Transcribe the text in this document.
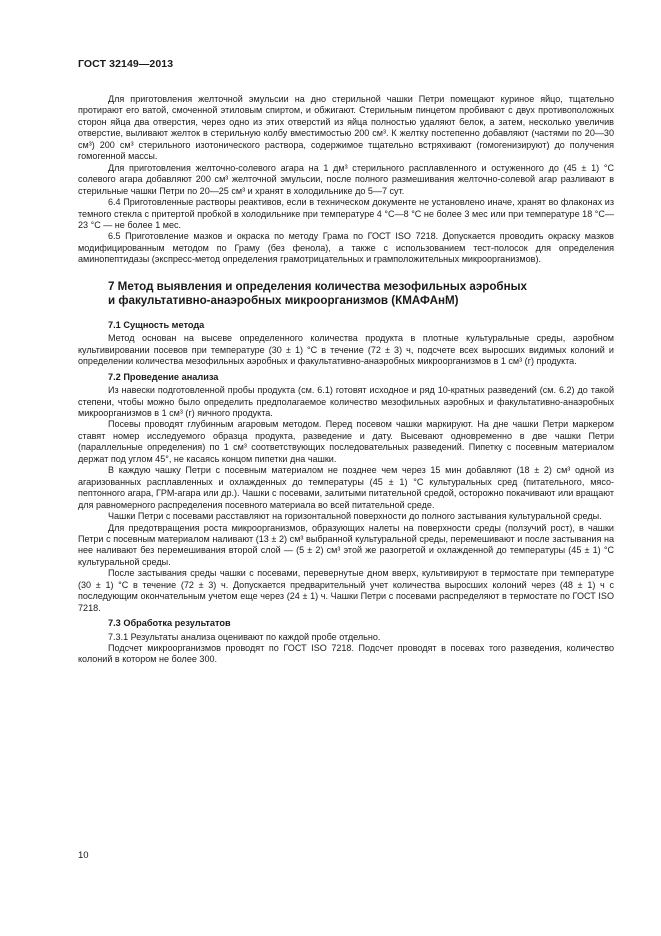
ГОСТ 32149—2013

Для приготовления желточной эмульсии на дно стерильной чашки Петри помещают куриное яйцо, тщательно протирают его ватой, смоченной этиловым спиртом, и обжигают. Стерильным пинцетом пробивают с двух противоположных сторон яйца два отверстия, через одно из этих отверстий из яйца полностью удаляют белок, а затем, несколько увеличив отверстие, выливают желток в стерильную колбу вместимостью 200 см³. К желтку постепенно добавляют (частями по 20—30 см³) 200 см³ стерильного изотонического раствора, содержимое тщательно встряхивают (гомогенизируют) до получения гомогенной массы.

Для приготовления желточно-солевого агара на 1 дм³ стерильного расплавленного и остуженного до (45 ± 1) °С солевого агара добавляют 200 см³ желточной эмульсии, после полного размешивания желточно-солевой агар разливают в стерильные чашки Петри по 20—25 см³ и хранят в холодильнике до 5—7 сут.

6.4 Приготовленные растворы реактивов, если в техническом документе не установлено иначе, хранят во флаконах из темного стекла с притертой пробкой в холодильнике при температуре 4 °С—8 °С не более 3 мес или при температуре 18 °С—23 °С — не более 1 мес.

6.5 Приготовление мазков и окраска по методу Грама по ГОСТ ISO 7218. Допускается проводить окраску мазков модифицированным методом по Граму (без фенола), а также с использованием тест-полосок для определения аминопептидазы (экспресс-метод определения грамотрицательных и грамположительных микроорганизмов).

7 Метод выявления и определения количества мезофильных аэробных
и факультативно-анаэробных микроорганизмов (КМАФАнМ)
7.1 Сущность метода

Метод основан на высеве определенного количества продукта в плотные культуральные среды, аэробном культивировании посевов при температуре (30 ± 1) °С в течение (72 ± 3) ч, подсчете всех выросших видимых колоний и определении количества мезофильных аэробных и факультативно-анаэробных микроорганизмов в 1 см³ (г) продукта.

7.2 Проведение анализа

Из навески подготовленной пробы продукта (см. 6.1) готовят исходное и ряд 10-кратных разведений (см. 6.2) до такой степени, чтобы можно было определить предполагаемое количество мезофильных аэробных и факультативно-анаэробных микроорганизмов в 1 см³ (г) яичного продукта.

Посевы проводят глубинным агаровым методом. Перед посевом чашки маркируют. На дне чашки Петри маркером ставят номер исследуемого образца продукта, разведение и дату. Высевают одновременно в две чашки Петри (параллельные определения) по 1 см³ соответствующих последовательных разведений. Пипетку с посевным материалом держат под углом 45°, не касаясь концом пипетки дна чашки.

В каждую чашку Петри с посевным материалом не позднее чем через 15 мин добавляют (18 ± 2) см³ одной из агаризованных расплавленных и охлажденных до температуры (45 ± 1) °С культуральных сред (питательного, мясо-пептонного агара, ГРМ-агара или др.). Чашки с посевами, залитыми питательной средой, осторожно покачивают или вращают для равномерного распределения посевного материала во всей питательной среде.

Чашки Петри с посевами расставляют на горизонтальной поверхности до полного застывания культуральной среды.

Для предотвращения роста микроорганизмов, образующих налеты на поверхности среды (ползучий рост), в чашки Петри с посевным материалом наливают (13 ± 2) см³ выбранной культуральной среды, перемешивают и после застывания на нее наливают без перемешивания второй слой — (5 ± 2) см³ этой же разогретой и охлажденной до температуры (45 ± 1) °С культуральной среды.

После застывания среды чашки с посевами, перевернутые дном вверх, культивируют в термостате при температуре (30 ± 1) °С в течение (72 ± 3) ч. Допускается предварительный учет количества выросших колоний через (48 ± 1) ч с последующим окончательным учетом еще через (24 ± 1) ч. Чашки Петри с посевами распределяют в термостате по ГОСТ ISO 7218.

7.3 Обработка результатов

7.3.1 Результаты анализа оценивают по каждой пробе отдельно.

Подсчет микроорганизмов проводят по ГОСТ ISO 7218. Подсчет проводят в посевах того разведения, количество колоний в котором не более 300.

10
